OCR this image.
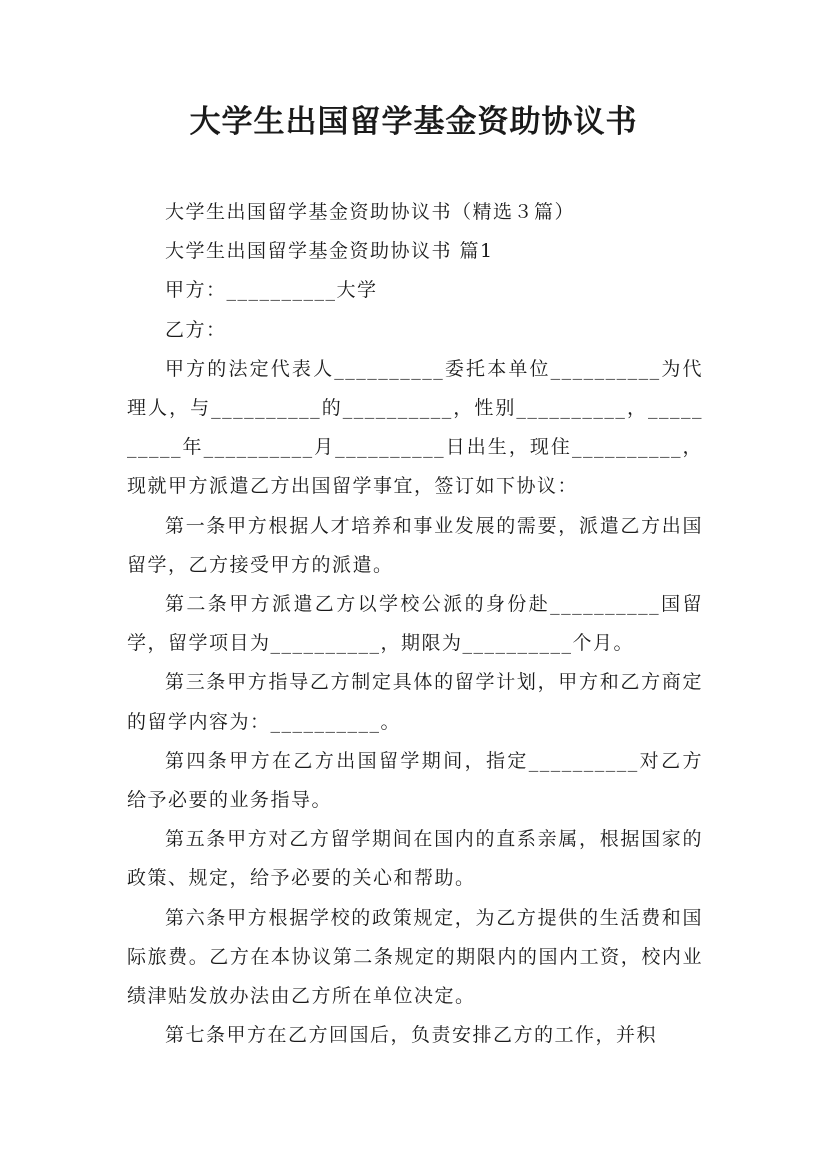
大学生出国留学基金资助协议书

大学生出国留学基金资助协议书（精选３篇）

大学生出国留学基金资助协议书 篇1

甲方：__________大学

乙方：

甲方的法定代表人__________委托本单位__________为代理人，与__________的__________，性别__________，__________年__________月__________日出生，现住__________，现就甲方派遣乙方出国留学事宜，签订如下协议：

第一条甲方根据人才培养和事业发展的需要，派遣乙方出国留学，乙方接受甲方的派遣。

第二条甲方派遣乙方以学校公派的身份赴__________国留学，留学项目为__________，期限为__________个月。

第三条甲方指导乙方制定具体的留学计划，甲方和乙方商定的留学内容为：__________。

第四条甲方在乙方出国留学期间，指定__________对乙方给予必要的业务指导。

第五条甲方对乙方留学期间在国内的直系亲属，根据国家的政策、规定，给予必要的关心和帮助。

第六条甲方根据学校的政策规定，为乙方提供的生活费和国际旅费。乙方在本协议第二条规定的期限内的国内工资，校内业绩津贴发放办法由乙方所在单位决定。

第七条甲方在乙方回国后，负责安排乙方的工作，并积
